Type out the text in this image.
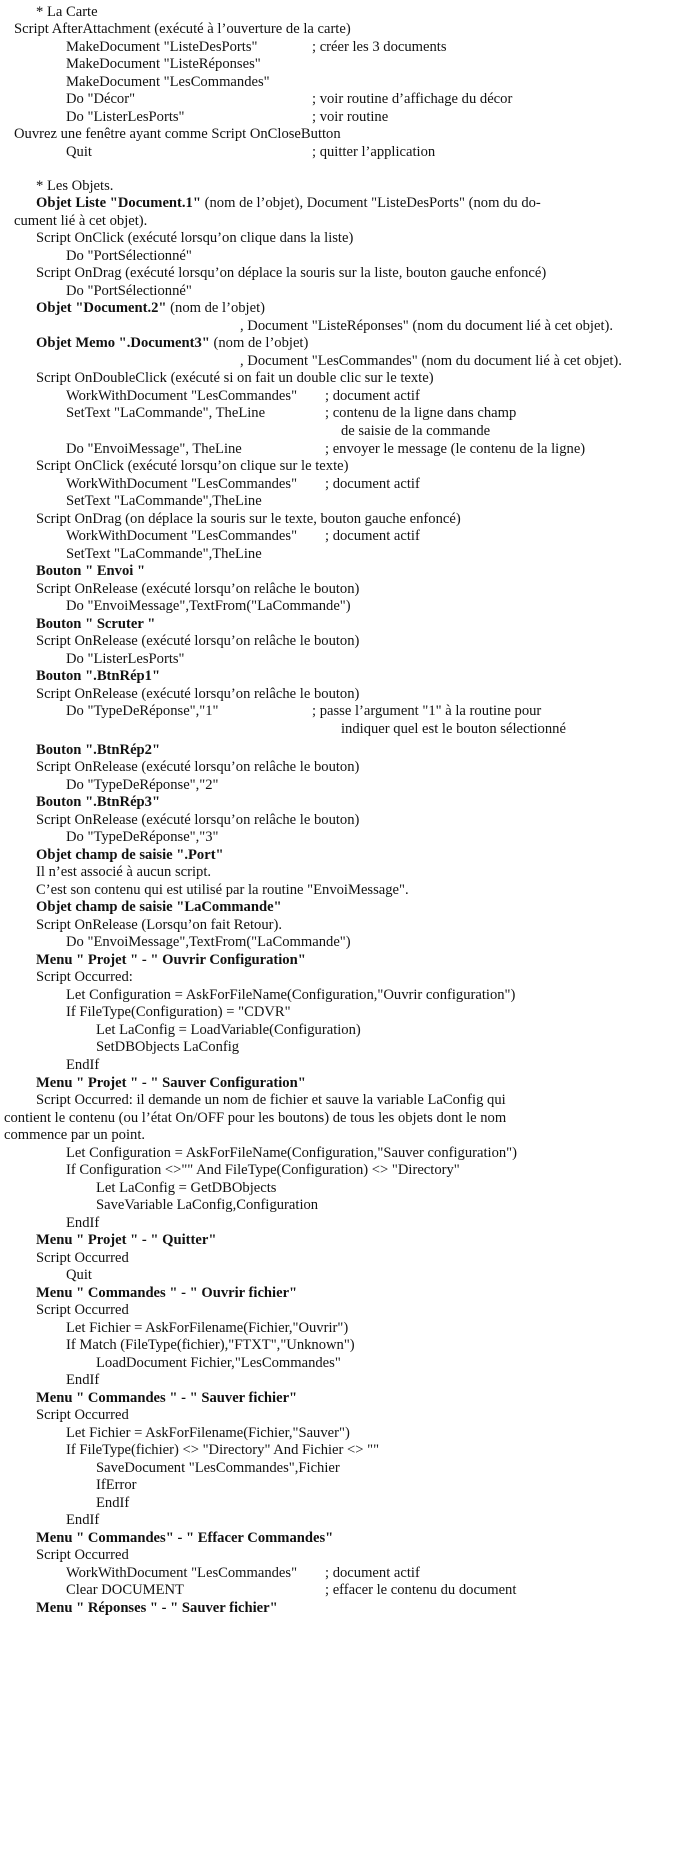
* La Carte
Script AfterAttachment (exécuté à l’ouverture de la carte)
MakeDocument "ListeDesPorts"	; créer les 3 documents
MakeDocument "ListeRéponses"
MakeDocument "LesCommandes"
Do "Décor"	; voir routine d’affichage du décor
Do "ListerLesPorts"	; voir routine
Ouvrez une fenêtre ayant comme Script OnCloseButton
Quit	; quitter l’application
* Les Objets.
Objet Liste "Document.1" (nom de l’objet), Document "ListeDesPorts" (nom du do-
cument lié à cet objet).
Script OnClick (exécuté lorsqu’on clique dans la liste)
Do "PortSélectionné"
Script OnDrag (exécuté lorsqu’on déplace la souris sur la liste, bouton gauche enfoncé)
Do "PortSélectionné"
Objet "Document.2" (nom de l’objet)
, Document "ListeRéponses" (nom du document lié à cet objet).
Objet Memo ".Document3" (nom de l’objet)
, Document "LesCommandes" (nom du document lié à cet objet).
Script OnDoubleClick (exécuté si on fait un double clic sur le texte)
WorkWithDocument "LesCommandes" ; document actif
SetText "LaCommande", TheLine	; contenu de la ligne dans champ
de saisie de la commande
Do "EnvoiMessage", TheLine	; envoyer le message (le contenu de la ligne)
Script OnClick (exécuté lorsqu’on clique sur le texte)
WorkWithDocument "LesCommandes" ; document actif
SetText "LaCommande",TheLine
Script OnDrag (on déplace la souris sur le texte, bouton gauche enfoncé)
WorkWithDocument "LesCommandes" ; document actif
SetText "LaCommande",TheLine
Bouton " Envoi "
Script OnRelease (exécuté lorsqu’on relâche le bouton)
Do "EnvoiMessage",TextFrom("LaCommande")
Bouton " Scruter "
Script OnRelease (exécuté lorsqu’on relâche le bouton)
Do "ListerLesPorts"
Bouton ".BtnRép1"
Script OnRelease (exécuté lorsqu’on relâche le bouton)
Do "TypeDeRéponse","1"	; passe l’argument "1" à la routine pour
indiquer quel est le bouton sélectionné
Bouton ".BtnRép2"
Script OnRelease (exécuté lorsqu’on relâche le bouton)
Do "TypeDeRéponse","2"
Bouton ".BtnRép3"
Script OnRelease (exécuté lorsqu’on relâche le bouton)
Do "TypeDeRéponse","3"
Objet champ de saisie ".Port"
Il n’est associé à aucun script.
C’est son contenu qui est utilisé par la routine "EnvoiMessage".
Objet champ de saisie "LaCommande"
Script OnRelease (Lorsqu’on fait Retour).
Do "EnvoiMessage",TextFrom("LaCommande")
Menu " Projet " - " Ouvrir Configuration"
Script Occurred:
Let Configuration = AskForFileName(Configuration,"Ouvrir configuration")
If FileType(Configuration) = "CDVR"
Let LaConfig = LoadVariable(Configuration)
SetDBObjects LaConfig
EndIf
Menu " Projet " - " Sauver Configuration"
Script Occurred: il demande un nom de fichier et sauve la variable LaConfig qui
contient le contenu (ou l’état On/OFF pour les boutons) de tous les objets dont le nom
commence par un point.
Let Configuration = AskForFileName(Configuration,"Sauver configuration")
If Configuration <>"" And FileType(Configuration) <> "Directory"
Let LaConfig = GetDBObjects
SaveVariable LaConfig,Configuration
EndIf
Menu " Projet " - " Quitter"
Script Occurred
Quit
Menu " Commandes " - " Ouvrir fichier"
Script Occurred
Let Fichier = AskForFilename(Fichier,"Ouvrir")
If Match (FileType(fichier),"FTXT","Unknown")
LoadDocument Fichier,"LesCommandes"
EndIf
Menu " Commandes " - " Sauver fichier"
Script Occurred
Let Fichier = AskForFilename(Fichier,"Sauver")
If FileType(fichier) <> "Directory" And Fichier <> ""
SaveDocument "LesCommandes",Fichier
IfError
EndIf
EndIf
Menu " Commandes" - " Effacer Commandes"
Script Occurred
WorkWithDocument "LesCommandes" ; document actif
Clear DOCUMENT	; effacer le contenu du document
Menu " Réponses " - " Sauver fichier"
